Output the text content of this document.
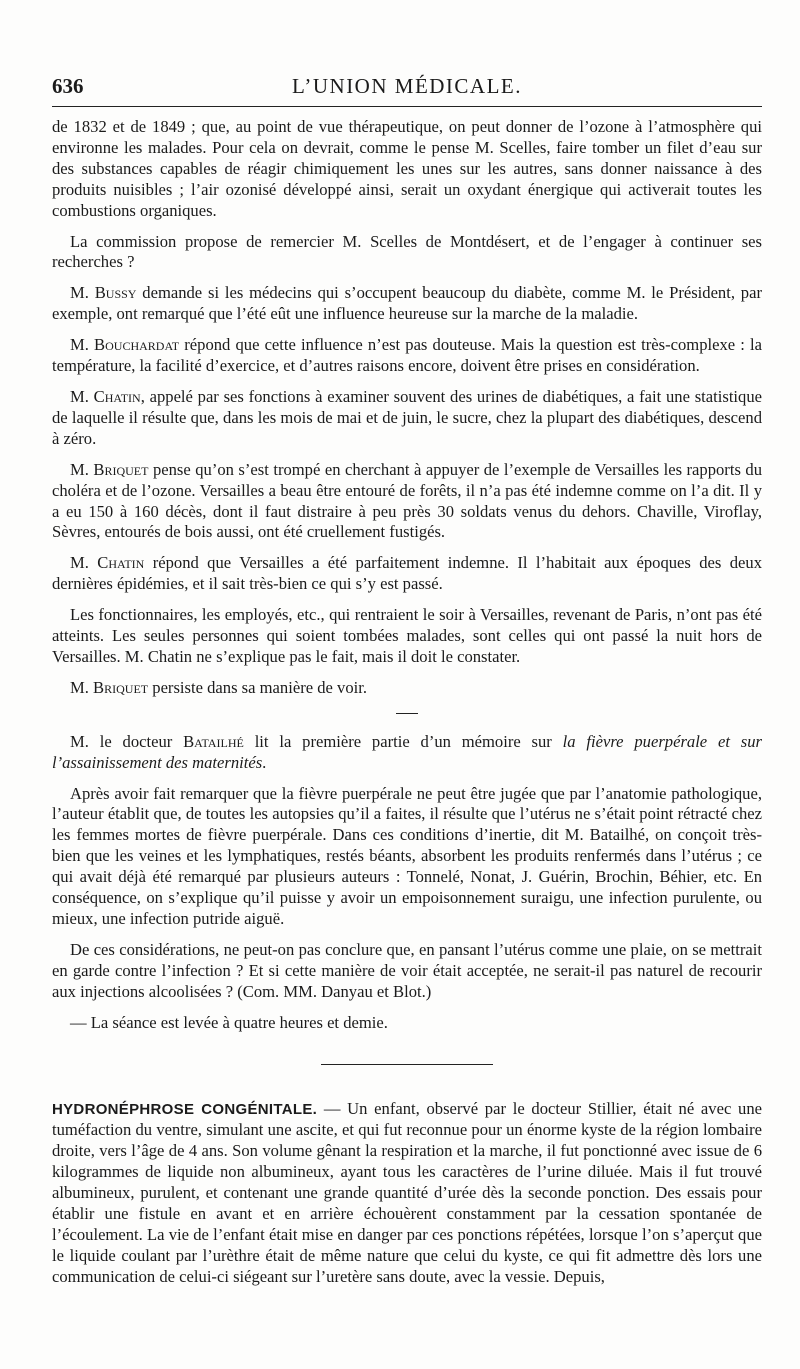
636	L’UNION MÉDICALE.

de 1832 et de 1849 ; que, au point de vue thérapeutique, on peut donner de l’ozone à l’atmosphère qui environne les malades. Pour cela on devrait, comme le pense M. Scelles, faire tomber un filet d’eau sur des substances capables de réagir chimiquement les unes sur les autres, sans donner naissance à des produits nuisibles ; l’air ozonisé développé ainsi, serait un oxydant énergique qui activerait toutes les combustions organiques.

La commission propose de remercier M. Scelles de Montdésert, et de l’engager à continuer ses recherches ?

M. Bussy demande si les médecins qui s’occupent beaucoup du diabète, comme M. le Président, par exemple, ont remarqué que l’été eût une influence heureuse sur la marche de la maladie.

M. Bouchardat répond que cette influence n’est pas douteuse. Mais la question est très-complexe : la température, la facilité d’exercice, et d’autres raisons encore, doivent être prises en considération.

M. Chatin, appelé par ses fonctions à examiner souvent des urines de diabétiques, a fait une statistique de laquelle il résulte que, dans les mois de mai et de juin, le sucre, chez la plupart des diabétiques, descend à zéro.

M. Briquet pense qu’on s’est trompé en cherchant à appuyer de l’exemple de Versailles les rapports du choléra et de l’ozone. Versailles a beau être entouré de forêts, il n’a pas été indemne comme on l’a dit. Il y a eu 150 à 160 décès, dont il faut distraire à peu près 30 soldats venus du dehors. Chaville, Viroflay, Sèvres, entourés de bois aussi, ont été cruellement fustigés.

M. Chatin répond que Versailles a été parfaitement indemne. Il l’habitait aux époques des deux dernières épidémies, et il sait très-bien ce qui s’y est passé.

Les fonctionnaires, les employés, etc., qui rentraient le soir à Versailles, revenant de Paris, n’ont pas été atteints. Les seules personnes qui soient tombées malades, sont celles qui ont passé la nuit hors de Versailles. M. Chatin ne s’explique pas le fait, mais il doit le constater.

M. Briquet persiste dans sa manière de voir.

M. le docteur Batailhé lit la première partie d’un mémoire sur la fièvre puerpérale et sur l’assainissement des maternités.

Après avoir fait remarquer que la fièvre puerpérale ne peut être jugée que par l’anatomie pathologique, l’auteur établit que, de toutes les autopsies qu’il a faites, il résulte que l’utérus ne s’était point rétracté chez les femmes mortes de fièvre puerpérale. Dans ces conditions d’inertie, dit M. Batailhé, on conçoit très-bien que les veines et les lymphatiques, restés béants, absorbent les produits renfermés dans l’utérus ; ce qui avait déjà été remarqué par plusieurs auteurs : Tonnelé, Nonat, J. Guérin, Brochin, Béhier, etc. En conséquence, on s’explique qu’il puisse y avoir un empoisonnement suraigu, une infection purulente, ou mieux, une infection putride aiguë.

De ces considérations, ne peut-on pas conclure que, en pansant l’utérus comme une plaie, on se mettrait en garde contre l’infection ? Et si cette manière de voir était acceptée, ne serait-il pas naturel de recourir aux injections alcoolisées ? (Com. MM. Danyau et Blot.)

— La séance est levée à quatre heures et demie.

HYDRONÉPHROSE CONGÉNITALE. — Un enfant, observé par le docteur Stillier, était né avec une tuméfaction du ventre, simulant une ascite, et qui fut reconnue pour un énorme kyste de la région lombaire droite, vers l’âge de 4 ans. Son volume gênant la respiration et la marche, il fut ponctionné avec issue de 6 kilogrammes de liquide non albumineux, ayant tous les caractères de l’urine diluée. Mais il fut trouvé albumineux, purulent, et contenant une grande quantité d’urée dès la seconde ponction. Des essais pour établir une fistule en avant et en arrière échouèrent constamment par la cessation spontanée de l’écoulement. La vie de l’enfant était mise en danger par ces ponctions répétées, lorsque l’on s’aperçut que le liquide coulant par l’urèthre était de même nature que celui du kyste, ce qui fit admettre dès lors une communication de celui-ci siégeant sur l’uretère sans doute, avec la vessie. Depuis,
